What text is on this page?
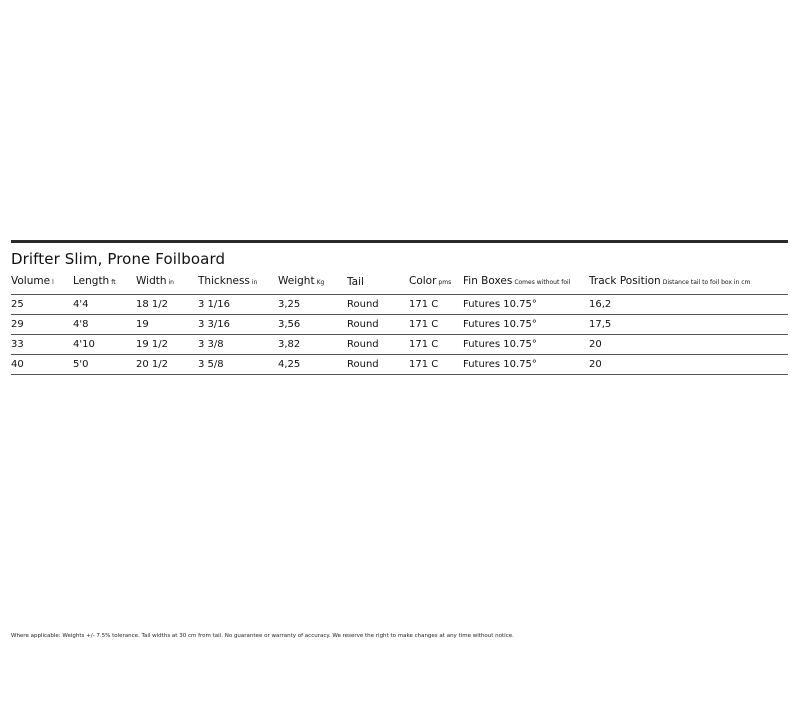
Drifter Slim, Prone Foilboard
Volume l	Length ft	Width in	Thickness in	Weight Kg	Tail	Color pms	Fin Boxes Comes without foil	Track Position Distance tail to foil box in cm
25	4'4	18 1/2	3 1/16	3,25	Round	171 C	Futures 10.75°	16,2
29	4'8	19	3 3/16	3,56	Round	171 C	Futures 10.75°	17,5
33	4'10	19 1/2	3 3/8	3,82	Round	171 C	Futures 10.75°	20
40	5'0	20 1/2	3 5/8	4,25	Round	171 C	Futures 10.75°	20
Where applicable: Weights +/- 7.5% tolerance. Tail widths at 30 cm from tail. No guarantee or warranty of accuracy. We reserve the right to make changes at any time without notice.
